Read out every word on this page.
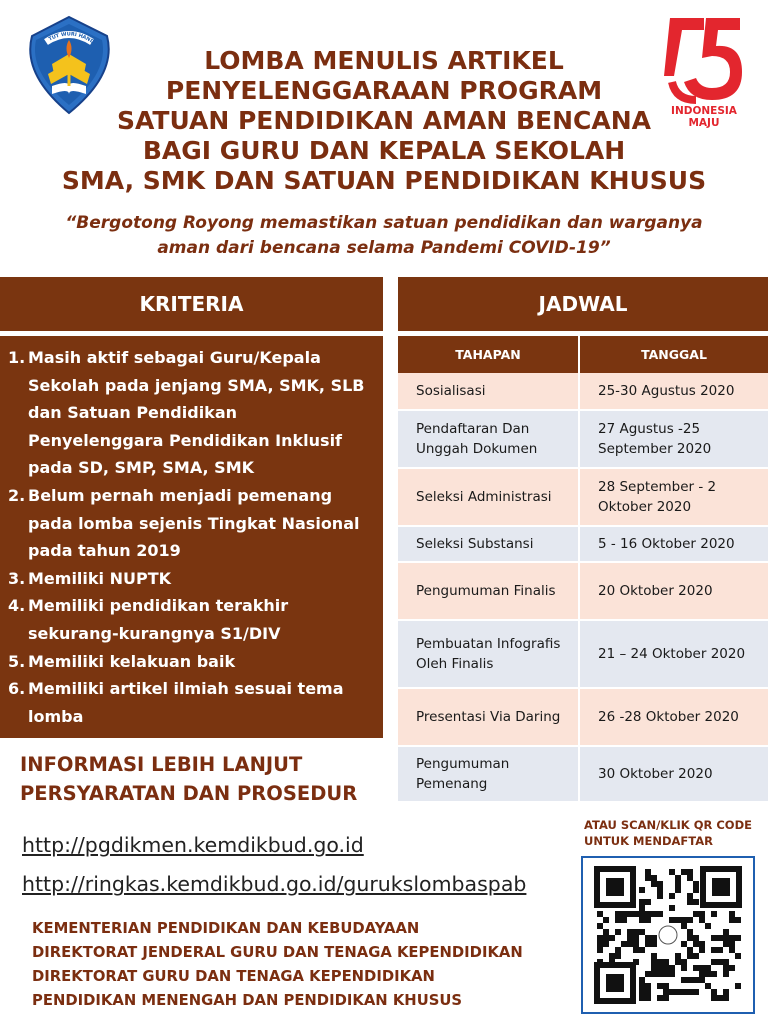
TUT WURI HAND
INDONESIA
MAJU
LOMBA MENULIS ARTIKEL
PENYELENGGARAAN PROGRAM
SATUAN PENDIDIKAN AMAN BENCANA
BAGI GURU DAN KEPALA SEKOLAH
SMA, SMK DAN SATUAN PENDIDIKAN KHUSUS
“Bergotong Royong memastikan satuan pendidikan dan warganya
aman dari bencana selama Pandemi COVID-19”
KRITERIA	JADWAL
1. Masih aktif sebagai Guru/Kepala Sekolah pada jenjang SMA, SMK, SLB dan Satuan Pendidikan Penyelenggara Pendidikan Inklusif pada SD, SMP, SMA, SMK
2. Belum pernah menjadi pemenang pada lomba sejenis Tingkat Nasional pada tahun 2019
3. Memiliki NUPTK
4. Memiliki pendidikan terakhir sekurang-kurangnya S1/DIV
5. Memiliki kelakuan baik
6. Memiliki artikel ilmiah sesuai tema lomba
TAHAPAN	TANGGAL
Sosialisasi	25-30 Agustus 2020
Pendaftaran Dan Unggah Dokumen	27 Agustus -25 September 2020
Seleksi Administrasi	28 September - 2 Oktober 2020
Seleksi Substansi	5 - 16 Oktober 2020
Pengumuman Finalis	20 Oktober 2020
Pembuatan Infografis Oleh Finalis	21 – 24 Oktober 2020
Presentasi Via Daring	26 -28 Oktober 2020
Pengumuman Pemenang	30 Oktober 2020
INFORMASI LEBIH LANJUT
PERSYARATAN DAN PROSEDUR
http://pgdikmen.kemdikbud.go.id
http://ringkas.kemdikbud.go.id/gurukslombaspab
KEMENTERIAN PENDIDIKAN DAN KEBUDAYAAN
DIREKTORAT JENDERAL GURU DAN TENAGA KEPENDIDIKAN
DIREKTORAT GURU DAN TENAGA KEPENDIDIKAN
PENDIDIKAN MENENGAH DAN PENDIDIKAN KHUSUS
ATAU SCAN/KLIK QR CODE
UNTUK MENDAFTAR
